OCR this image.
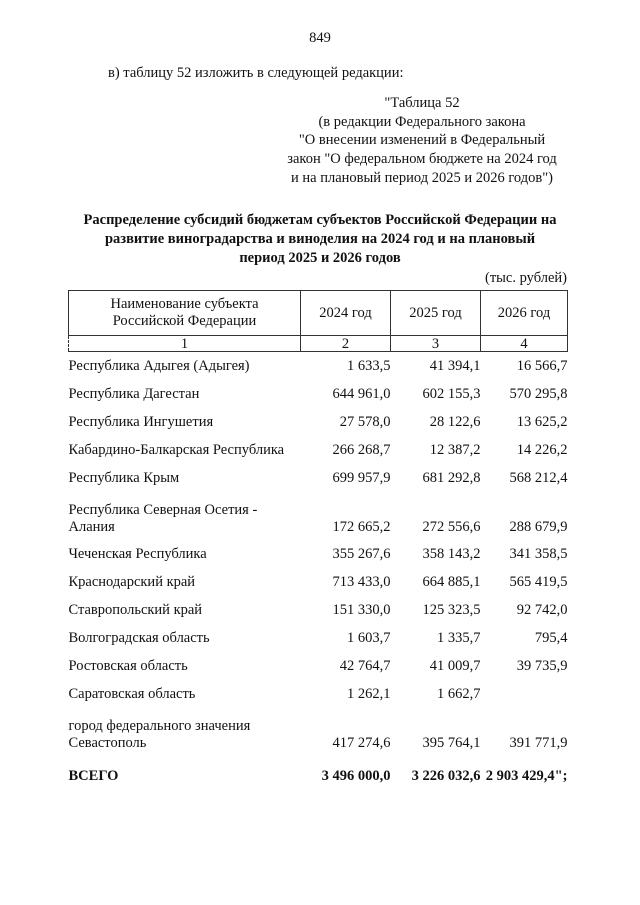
849
в) таблицу 52 изложить в следующей редакции:
"Таблица 52
(в редакции Федерального закона
"О внесении изменений в Федеральный
закон "О федеральном бюджете на 2024 год
и на плановый период 2025 и 2026 годов")
Распределение субсидий бюджетам субъектов Российской Федерации на
развитие виноградарства и виноделия на 2024 год и на плановый
период 2025 и 2026 годов
(тыс. рублей)
Наименование субъекта Российской Федерации	2024 год	2025 год	2026 год
1	2	3	4
Республика Адыгея (Адыгея)	1 633,5	41 394,1	16 566,7
Республика Дагестан	644 961,0	602 155,3	570 295,8
Республика Ингушетия	27 578,0	28 122,6	13 625,2
Кабардино-Балкарская Республика	266 268,7	12 387,2	14 226,2
Республика Крым	699 957,9	681 292,8	568 212,4
Республика Северная Осетия - Алания	172 665,2	272 556,6	288 679,9
Чеченская Республика	355 267,6	358 143,2	341 358,5
Краснодарский край	713 433,0	664 885,1	565 419,5
Ставропольский край	151 330,0	125 323,5	92 742,0
Волгоградская область	1 603,7	1 335,7	795,4
Ростовская область	42 764,7	41 009,7	39 735,9
Саратовская область	1 262,1	1 662,7	
город федерального значения Севастополь	417 274,6	395 764,1	391 771,9
ВСЕГО	3 496 000,0	3 226 032,6	2 903 429,4";
